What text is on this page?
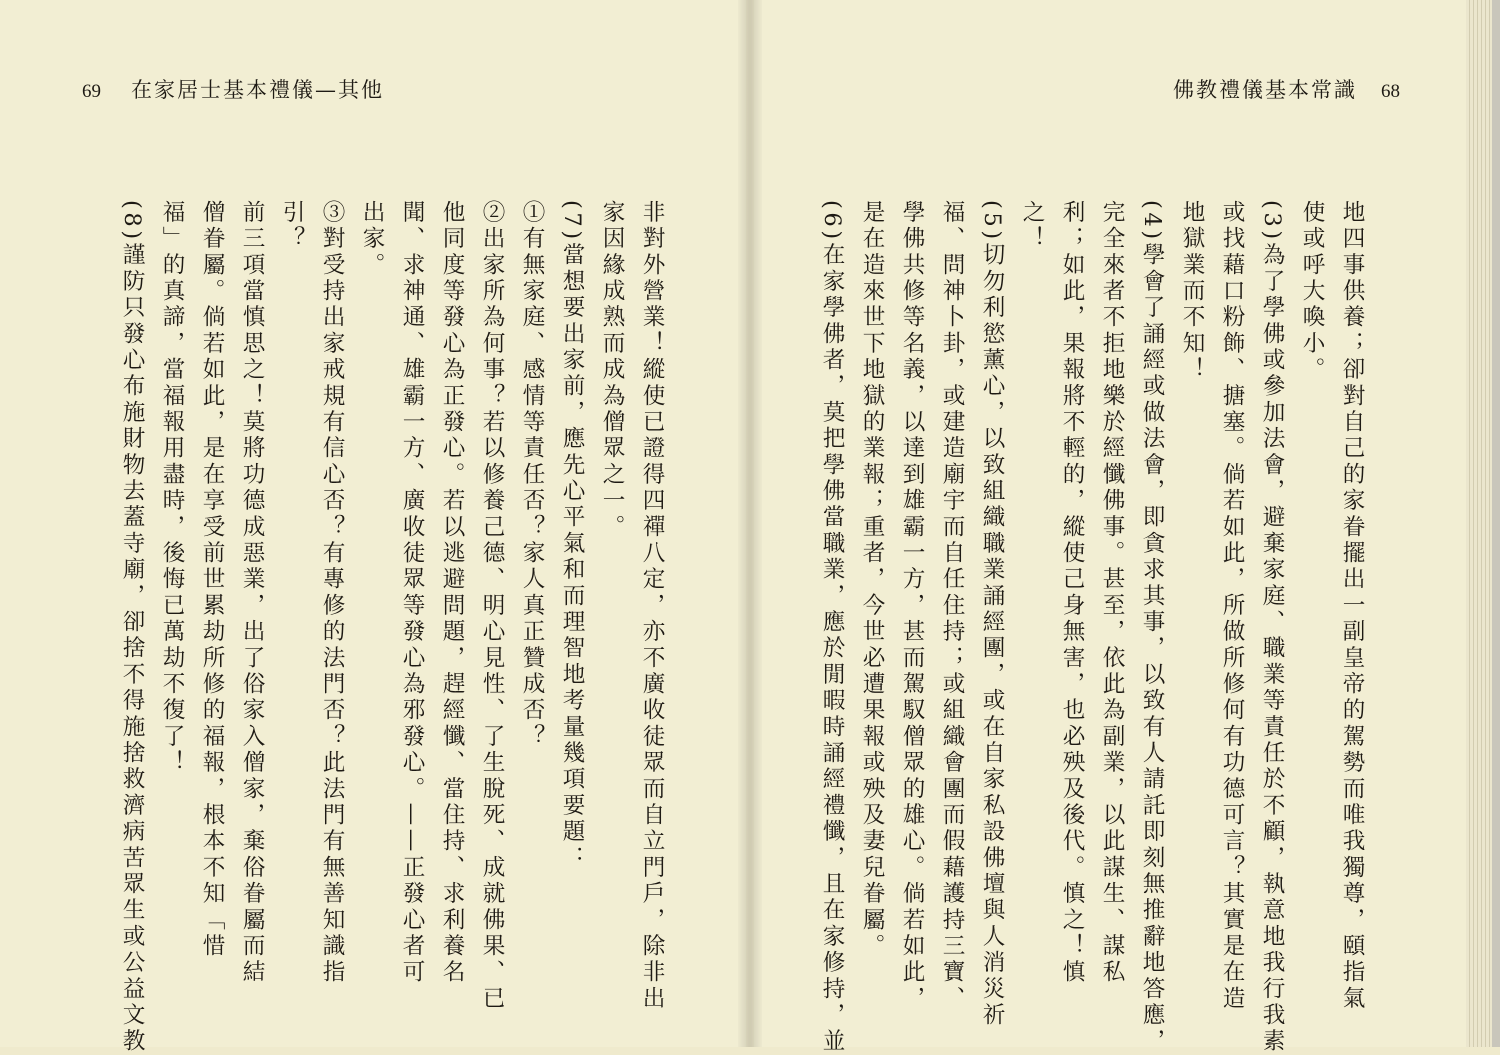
69 在家居士基本禮儀—其他	佛教禮儀基本常識 68
非對外營業！縱使已證得四禪八定，亦不廣收徒眾而自立門戶，除非出
家因緣成熟而成為僧眾之一。
(7)當想要出家前，應先心平氣和而理智地考量幾項要題：
①有無家庭、感情等責任否？家人真正贊成否？
②出家所為何事？若以修養己德、明心見性、了生脫死、成就佛果、已
他同度等發心為正發心。若以逃避問題，趕經懺、當住持、求利養名
聞、求神通、雄霸一方、廣收徒眾等發心為邪發心。——正發心者可
出家。
③對受持出家戒規有信心否？有專修的法門否？此法門有無善知識指
引？
前三項當慎思之！莫將功德成惡業，出了俗家入僧家，棄俗眷屬而結
僧眷屬。倘若如此，是在享受前世累劫所修的福報，根本不知「惜
福」的真諦，當福報用盡時，後悔已萬劫不復了！
(8)謹防只發心布施財物去蓋寺廟，卻捨不得施捨救濟病苦眾生或公益文教	地四事供養；卻對自己的家眷擺出一副皇帝的駕勢而唯我獨尊，頤指氣
使或呼大喚小。
(3)為了學佛或參加法會，避棄家庭、職業等責任於不顧，執意地我行我素
或找藉口粉飾、搪塞。倘若如此，所做所修何有功德可言？其實是在造
地獄業而不知！
(4)學會了誦經或做法會，即貪求其事，以致有人請託即刻無推辭地答應，
完全來者不拒地樂於經懺佛事。甚至，依此為副業，以此謀生、謀私
利；如此，果報將不輕的，縱使己身無害，也必殃及後代。慎之！慎
之！
(5)切勿利慾薰心，以致組織職業誦經團，或在自家私設佛壇與人消災祈
福、問神卜卦，或建造廟宇而自任住持；或組織會團而假藉護持三寶、
學佛共修等名義，以達到雄霸一方，甚而駕馭僧眾的雄心。倘若如此，
是在造來世下地獄的業報；重者，今世必遭果報或殃及妻兒眷屬。
(6)在家學佛者，莫把學佛當職業，應於閒暇時誦經禮懺，且在家修持，並
